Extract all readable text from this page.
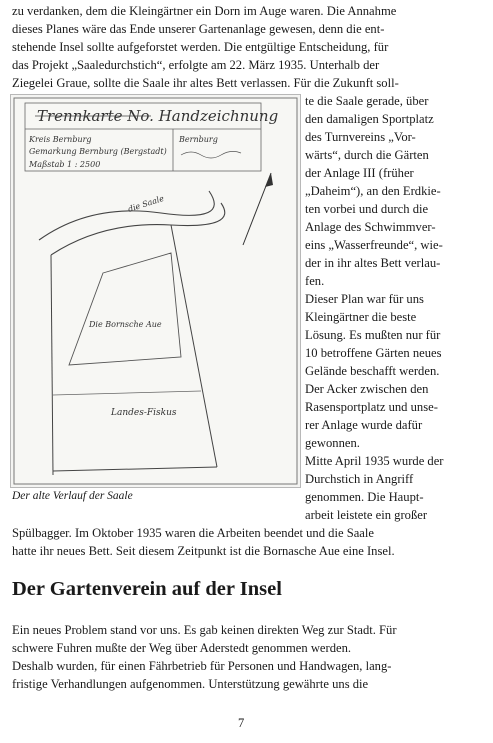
zu verdanken, dem die Kleingärtner ein Dorn im Auge waren. Die Annahme
dieses Planes wäre das Ende unserer Gartenanlage gewesen, denn die ent-
stehende Insel sollte aufgeforstet werden. Die entgültige Entscheidung, für
das Projekt „Saaledurchstich“, erfolgte am 22. März 1935. Unterhalb der
Ziegelei Graue, sollte die Saale ihr altes Bett verlassen. Für die Zukunft soll-
Trennkarte No. Handzeichnung
Kreis Bernburg
Gemarkung Bernburg (Bergstadt)
Maßstab 1 : 2500
Bernburg
die Saale
Die Bornsche Aue
Landes-Fiskus
Der alte Verlauf der Saale
te die Saale gerade, über
den damaligen Sportplatz
des Turnvereins „Vor-
wärts“, durch die Gärten
der Anlage III (früher
„Daheim“), an den Erdkie-
ten vorbei und durch die
Anlage des Schwimmver-
eins „Wasserfreunde“, wie-
der in ihr altes Bett verlau-
fen.
Dieser Plan war für uns
Kleingärtner die beste
Lösung. Es mußten nur für
10 betroffene Gärten neues
Gelände beschafft werden.
Der Acker zwischen den
Rasensportplatz und unse-
rer Anlage wurde dafür
gewonnen.
Mitte April 1935 wurde der
Durchstich in Angriff
genommen. Die Haupt-
arbeit leistete ein großer
Spülbagger. Im Oktober 1935 waren die Arbeiten beendet und die Saale
hatte ihr neues Bett. Seit diesem Zeitpunkt ist die Bornasche Aue eine Insel.
Der Gartenverein auf der Insel
Ein neues Problem stand vor uns. Es gab keinen direkten Weg zur Stadt. Für
schwere Fuhren mußte der Weg über Aderstedt genommen werden.
Deshalb wurden, für einen Fährbetrieb für Personen und Handwagen, lang-
fristige Verhandlungen aufgenommen. Unterstützung gewährte uns die
7
